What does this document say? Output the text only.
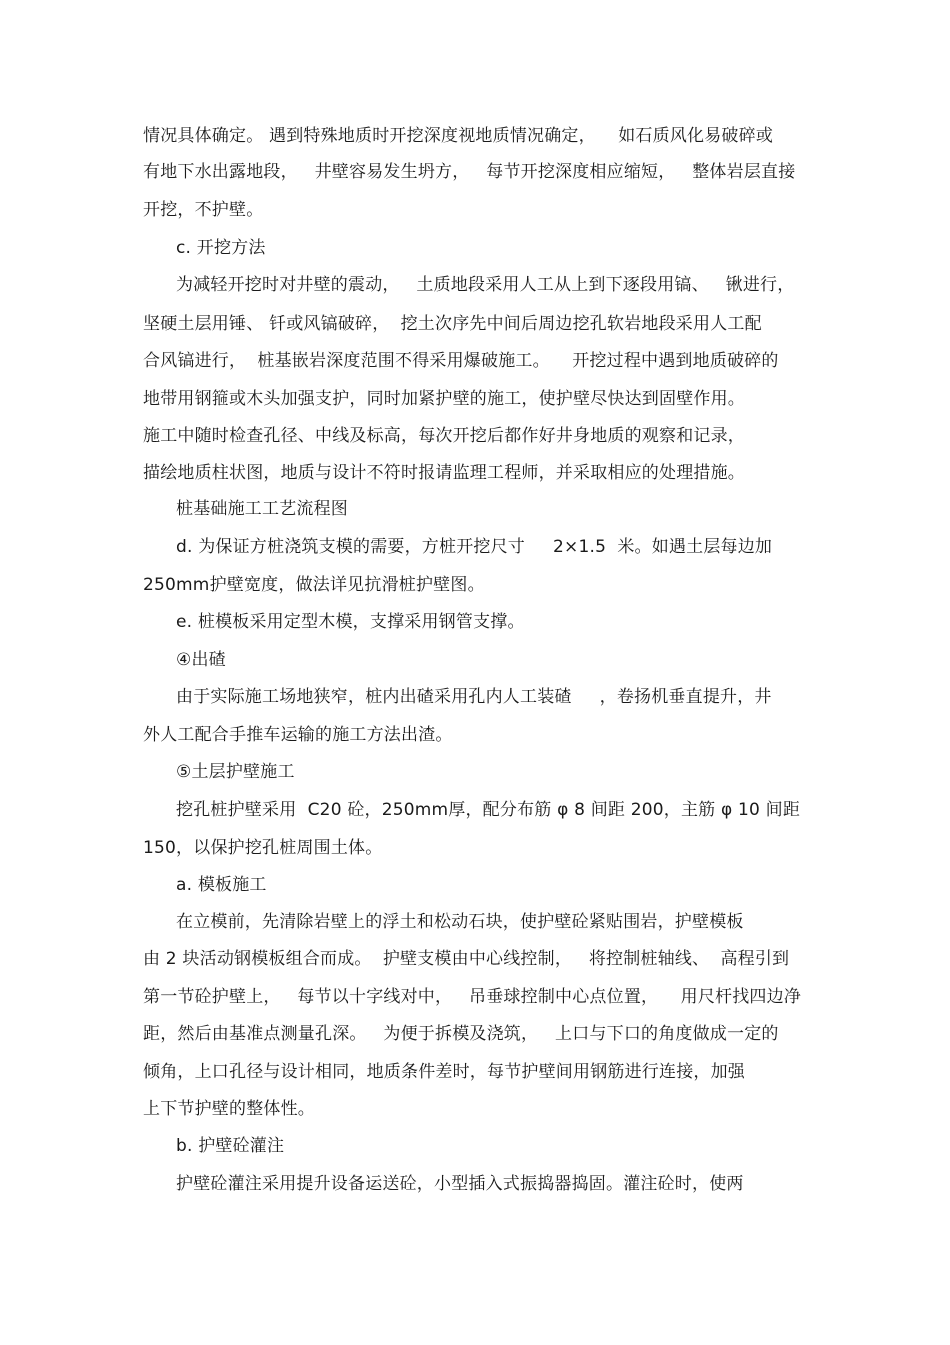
情况具体确定。 遇到特殊地质时开挖深度视地质情况确定，    如石质风化易破碎或
有地下水出露地段，   井壁容易发生坍方，   每节开挖深度相应缩短，   整体岩层直接
开挖，不护壁。
c. 开挖方法
为减轻开挖时对井壁的震动，   土质地段采用人工从上到下逐段用镐、   锹进行，
坚硬土层用锤、 钎或风镐破碎，  挖土次序先中间后周边挖孔软岩地段采用人工配
合风镐进行，  桩基嵌岩深度范围不得采用爆破施工。    开挖过程中遇到地质破碎的
地带用钢箍或木头加强支护，同时加紧护壁的施工，使护壁尽快达到固壁作用。
施工中随时检查孔径、中线及标高，每次开挖后都作好井身地质的观察和记录，
描绘地质柱状图，地质与设计不符时报请监理工程师，并采取相应的处理措施。
桩基础施工工艺流程图
d. 为保证方桩浇筑支模的需要，方桩开挖尺寸     2×1.5  米。如遇土层每边加
250mm护壁宽度，做法详见抗滑桩护壁图。
e. 桩模板采用定型木模，支撑采用钢管支撑。
④出碴
由于实际施工场地狭窄，桩内出碴采用孔内人工装碴     ，卷扬机垂直提升，井
外人工配合手推车运输的施工方法出渣。
⑤土层护壁施工
挖孔桩护壁采用  C20 砼，250mm厚，配分布筋 φ 8 间距 200，主筋 φ 10 间距
150，以保护挖孔桩周围土体。
a. 模板施工
在立模前，先清除岩壁上的浮土和松动石块，使护壁砼紧贴围岩，护壁模板
由 2 块活动钢模板组合而成。  护壁支模由中心线控制，   将控制桩轴线、  高程引到
第一节砼护壁上，   每节以十字线对中，   吊垂球控制中心点位置，    用尺杆找四边净
距，然后由基准点测量孔深。   为便于拆模及浇筑，   上口与下口的角度做成一定的
倾角，上口孔径与设计相同，地质条件差时，每节护壁间用钢筋进行连接，加强
上下节护壁的整体性。
b. 护壁砼灌注
护壁砼灌注采用提升设备运送砼，小型插入式振捣器捣固。灌注砼时，使两
